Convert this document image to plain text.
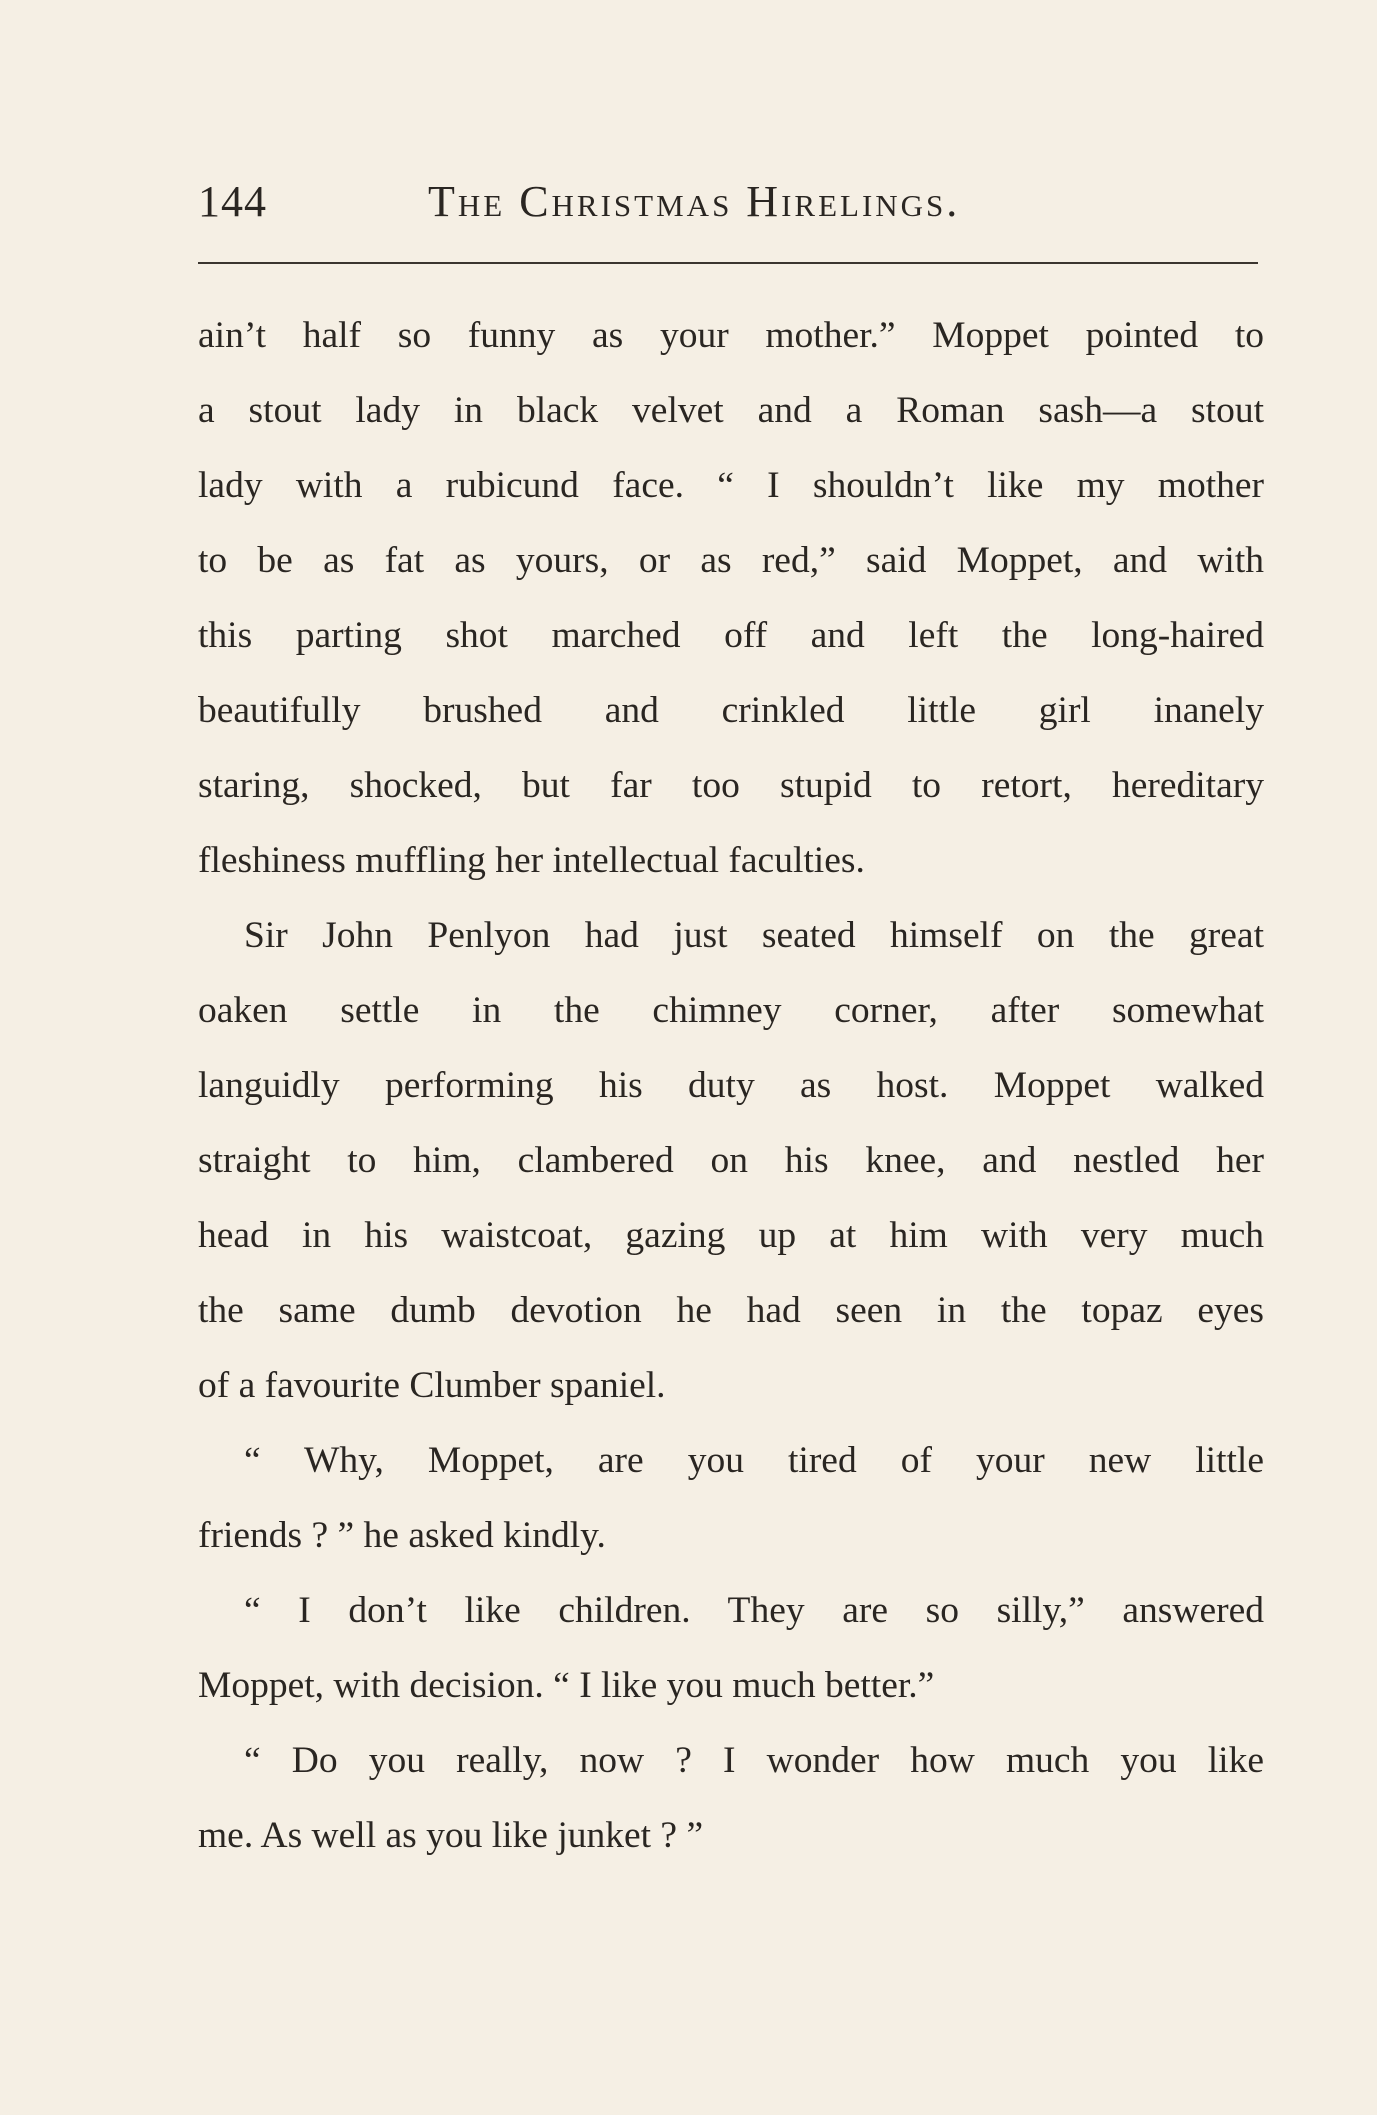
144	The Christmas Hirelings.
ain’t half so funny as your mother.” Moppet pointed to
a stout lady in black velvet and a Roman sash—a stout
lady with a rubicund face. “ I shouldn’t like my mother
to be as fat as yours, or as red,” said Moppet, and with
this parting shot marched off and left the long-haired
beautifully brushed and crinkled little girl inanely
staring, shocked, but far too stupid to retort, hereditary
fleshiness muffling her intellectual faculties.
Sir John Penlyon had just seated himself on the great
oaken settle in the chimney corner, after somewhat
languidly performing his duty as host. Moppet walked
straight to him, clambered on his knee, and nestled her
head in his waistcoat, gazing up at him with very much
the same dumb devotion he had seen in the topaz eyes
of a favourite Clumber spaniel.
“ Why, Moppet, are you tired of your new little
friends ? ” he asked kindly.
“ I don’t like children. They are so silly,” answered
Moppet, with decision. “ I like you much better.”
“ Do you really, now ? I wonder how much you like
me. As well as you like junket ? ”
